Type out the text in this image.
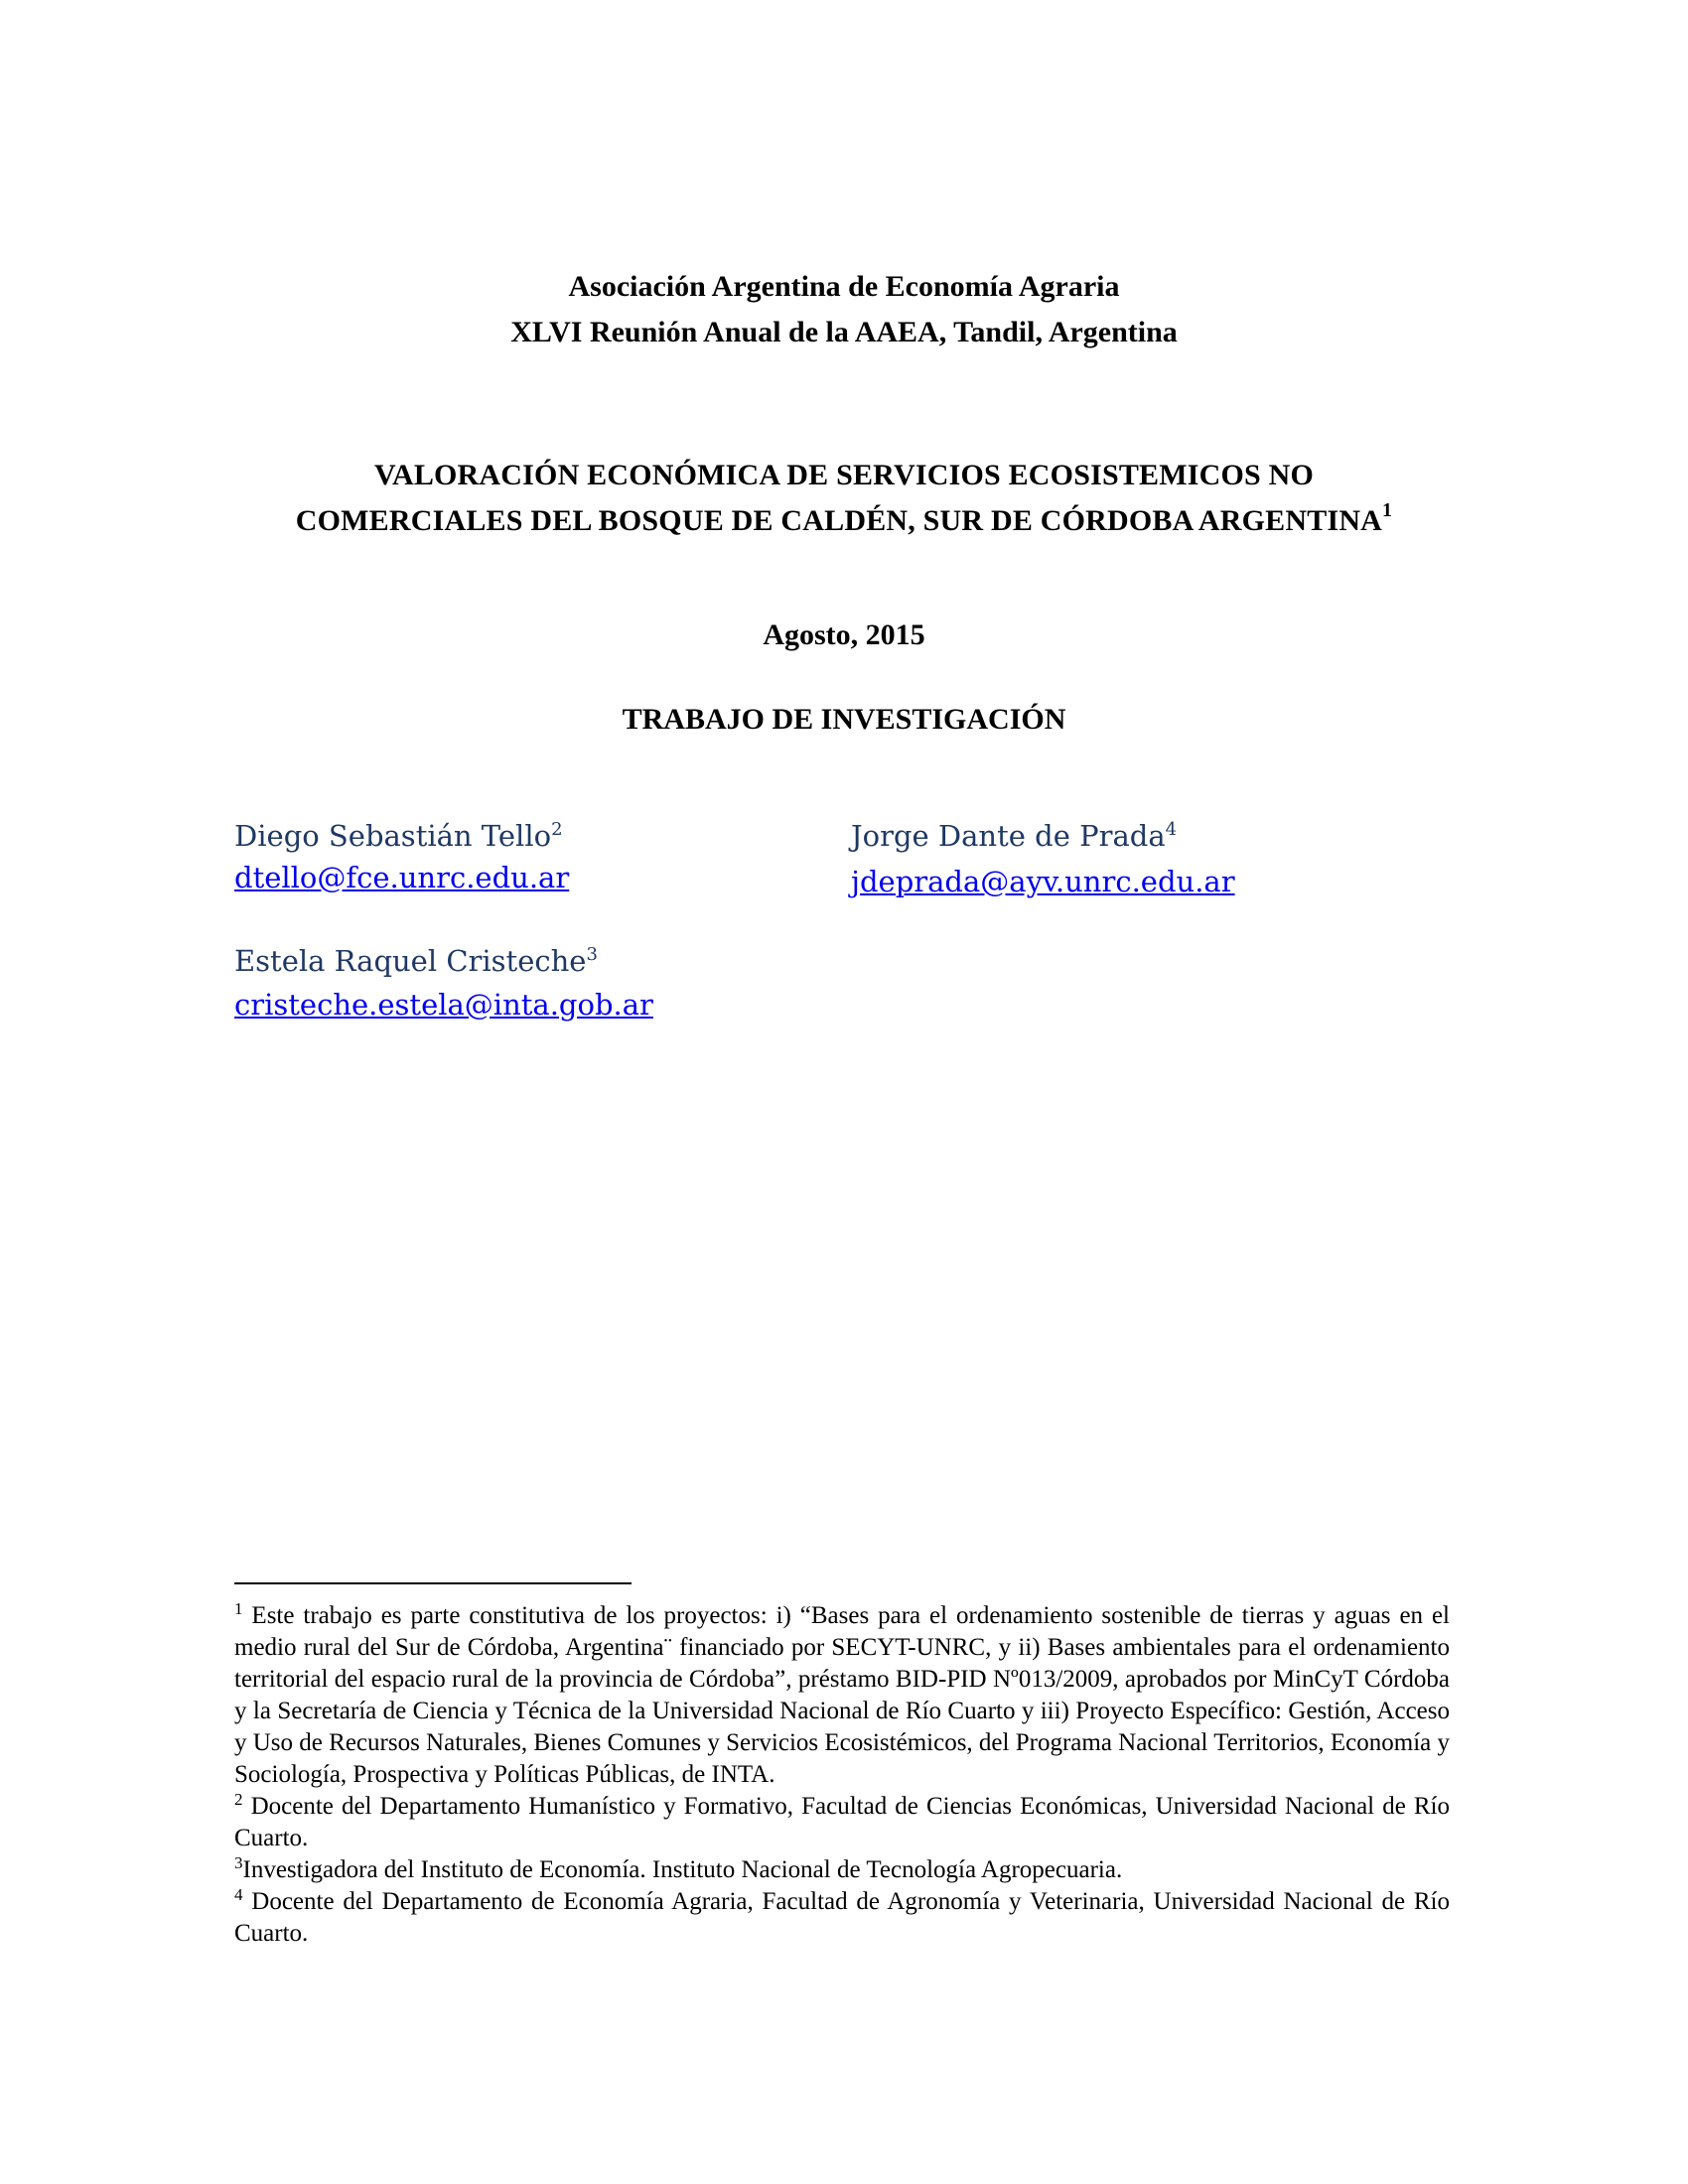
Asociación Argentina de Economía Agraria
XLVI Reunión Anual de la AAEA, Tandil, Argentina
VALORACIÓN ECONÓMICA DE SERVICIOS ECOSISTEMICOS NO
COMERCIALES DEL BOSQUE DE CALDÉN, SUR DE CÓRDOBA ARGENTINA$^1$
Agosto, 2015
TRABAJO DE INVESTIGACIÓN
Diego Sebastián Tello$^2$
dtello@fce.unrc.edu.ar
Jorge Dante de Prada$^4$
jdeprada@ayv.unrc.edu.ar
Estela Raquel Cristeche$^3$
cristeche.estela@inta.gob.ar

$^1$ Este trabajo es parte constitutiva de los proyectos: i) “Bases para el ordenamiento sostenible de tierras y aguas en el medio rural del Sur de Córdoba, Argentina¨ financiado por SECYT-UNRC, y ii) Bases ambientales para el ordenamiento territorial del espacio rural de la provincia de Córdoba”, préstamo BID-PID Nº013/2009, aprobados por MinCyT Córdoba y la Secretaría de Ciencia y Técnica de la Universidad Nacional de Río Cuarto y iii) Proyecto Específico: Gestión, Acceso y Uso de Recursos Naturales, Bienes Comunes y Servicios Ecosistémicos, del Programa Nacional Territorios, Economía y Sociología, Prospectiva y Políticas Públicas, de INTA.

$^2$ Docente del Departamento Humanístico y Formativo, Facultad de Ciencias Económicas, Universidad Nacional de Río Cuarto.

$^3$Investigadora del Instituto de Economía. Instituto Nacional de Tecnología Agropecuaria.

$^4$ Docente del Departamento de Economía Agraria, Facultad de Agronomía y Veterinaria, Universidad Nacional de Río Cuarto.
